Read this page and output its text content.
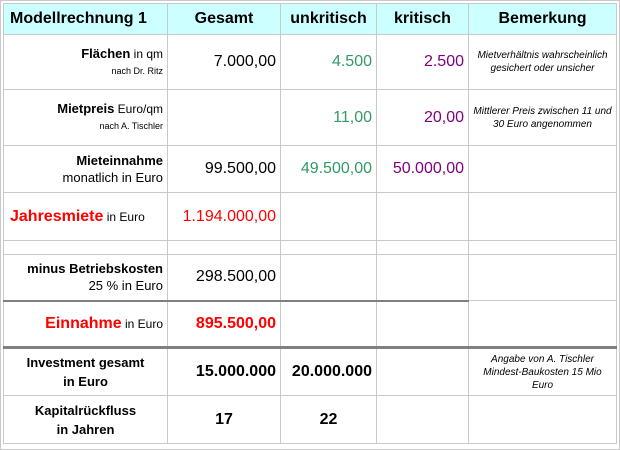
Modellrechnung 1	Gesamt	unkritisch	kritisch	Bemerkung

Flächen in qm
nach Dr. Ritz	7.000,00	4.500	2.500	Mietverhältnis wahrscheinlich gesichert oder unsicher

Mietpreis Euro/qm
nach A. Tischler		11,00	20,00	Mittlerer Preis zwischen 11 und 30 Euro angenommen

Mieteinnahme
monatlich in Euro	99.500,00	49.500,00	50.000,00	
Jahresmiete in Euro	1.194.000,00			

minus Betriebskosten
25 % in Euro	298.500,00			
Einnahme in Euro	895.500,00			

Investment gesamt
in Euro	15.000.000	20.000.000		Angabe von A. Tischler Mindest-Baukosten 15 Mio Euro

Kapitalrückfluss
in Jahren	17	22		
